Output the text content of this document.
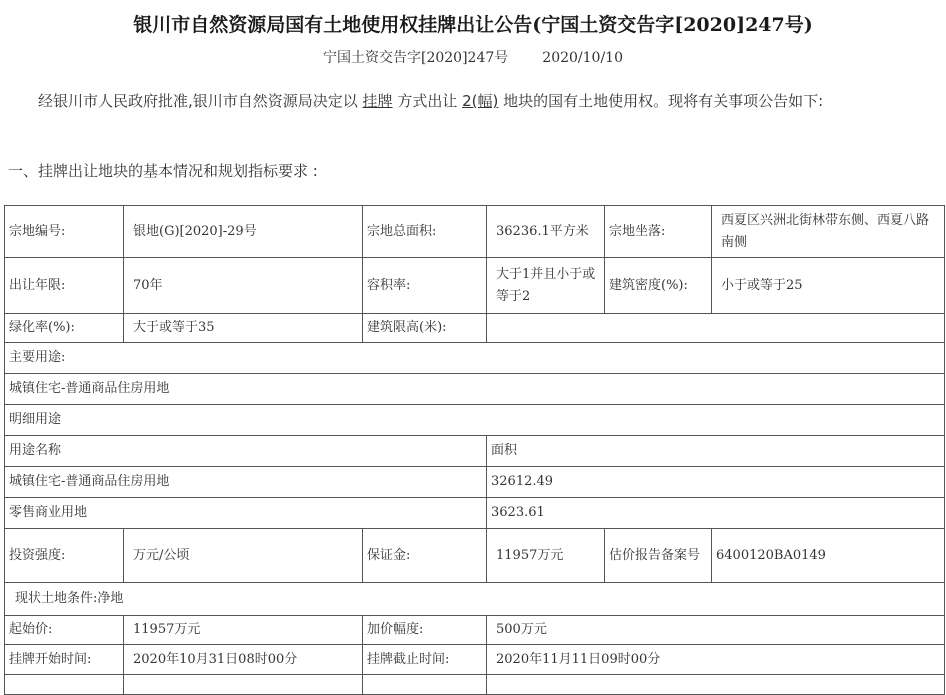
银川市自然资源局国有土地使用权挂牌出让公告(宁国土资交告字[2020]247号)
宁国土资交告字[2020]247号 2020/10/10
经银川市人民政府批准,银川市自然资源局决定以 挂牌 方式出让 2(幅) 地块的国有土地使用权。现将有关事项公告如下:
一、挂牌出让地块的基本情况和规划指标要求 :
宗地编号:	银地(G)[2020]-29号	宗地总面积:	36236.1平方米	宗地坐落:	西夏区兴洲北街林带东侧、西夏八路南侧
出让年限:	70年	容积率:	大于1并且小于或等于2	建筑密度(%):	小于或等于25
绿化率(%):	大于或等于35	建筑限高(米):			
主要用途:					
城镇住宅-普通商品住房用地					
明细用途					
用途名称			面积		
城镇住宅-普通商品住房用地			32612.49		
零售商业用地			3623.61		
投资强度:	万元/公顷	保证金:	11957万元	估价报告备案号	6400120BA0149
现状土地条件:净地					
起始价:	11957万元	加价幅度:	500万元		
挂牌开始时间:	2020年10月31日08时00分	挂牌截止时间:	2020年11月11日09时00分		
